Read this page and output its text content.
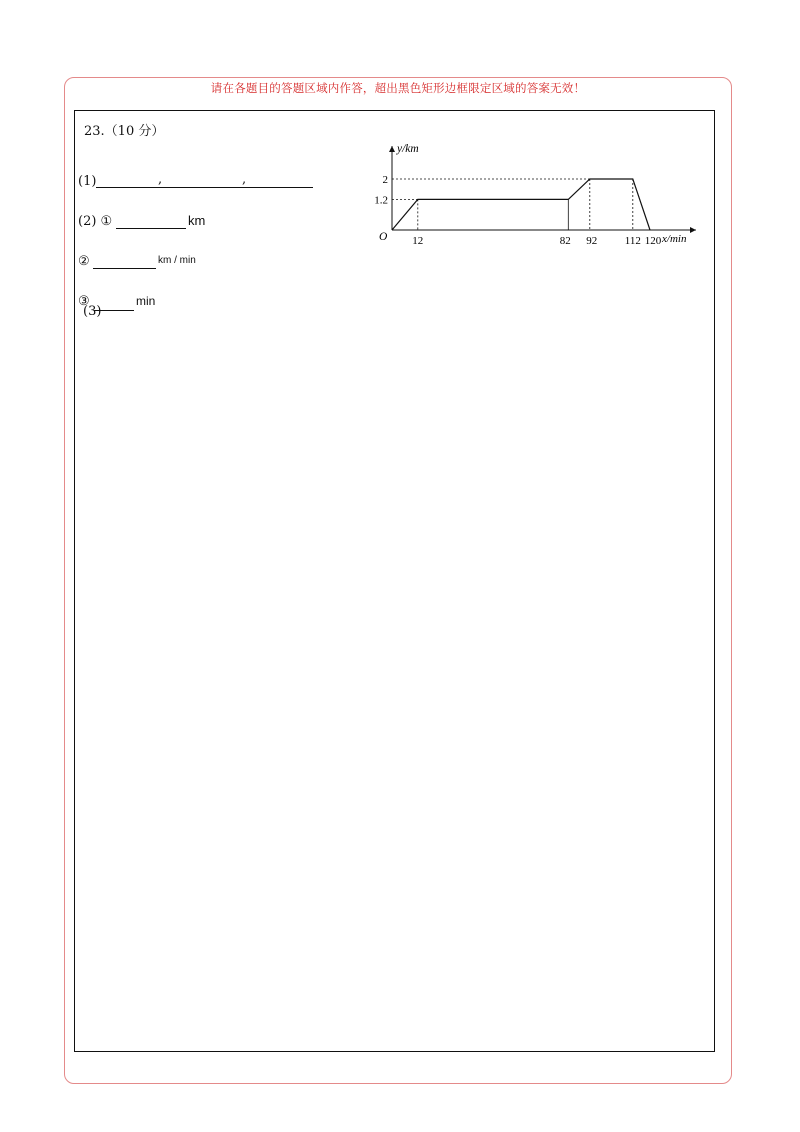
请在各题目的答题区域内作答，超出黑色矩形边框限定区域的答案无效！
23.（10 分）
(1)	,	,
(2) ①	km
②	km / min
③
(3)
min
y/km
x/min
O 12	82 92 112 120
1.2
2
